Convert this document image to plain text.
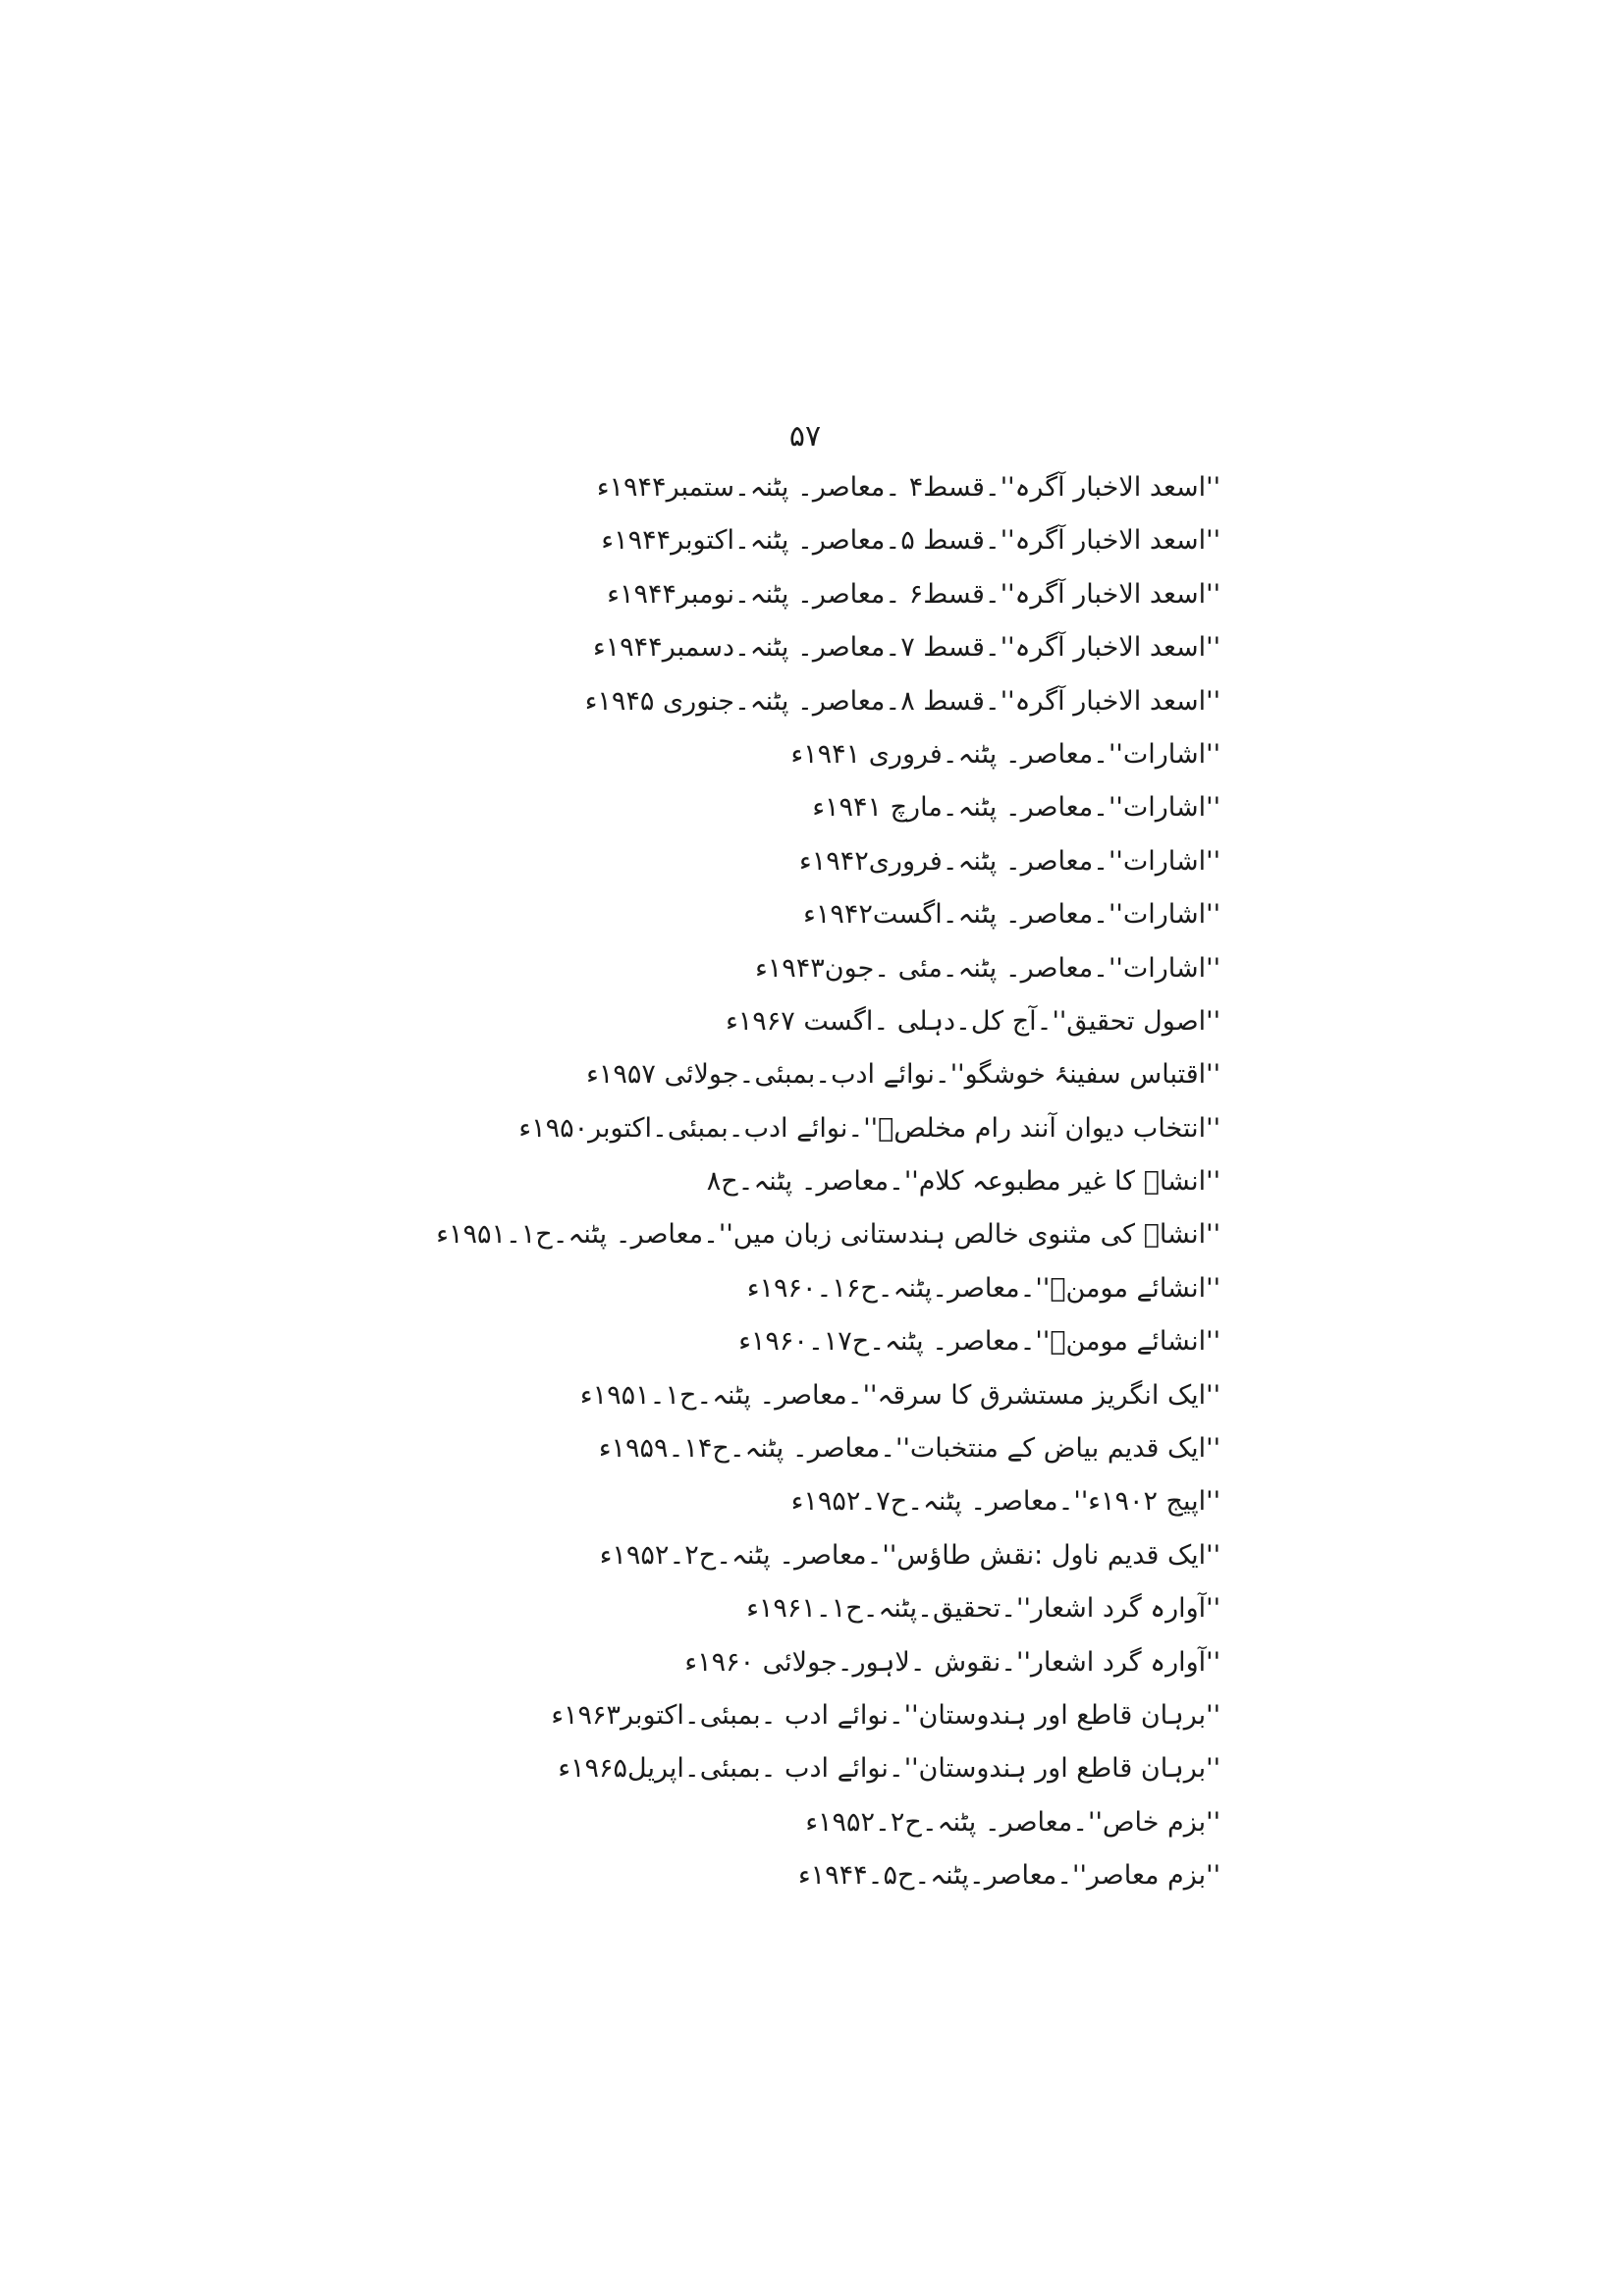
۵۷
''اسعد الاخبار آگرہ''۔قسط۴ ۔معاصر۔ پٹنہ۔ستمبر۱۹۴۴ء
''اسعد الاخبار آگرہ''۔قسط ۵۔معاصر۔ پٹنہ۔اکتوبر۱۹۴۴ء
''اسعد الاخبار آگرہ''۔قسط۶ ۔معاصر۔ پٹنہ۔نومبر۱۹۴۴ء
''اسعد الاخبار آگرہ''۔قسط ۷۔معاصر۔ پٹنہ۔دسمبر۱۹۴۴ء
''اسعد الاخبار آگرہ''۔قسط ۸۔معاصر۔ پٹنہ۔جنوری ۱۹۴۵ء
''اشارات''۔معاصر۔ پٹنہ۔فروری ۱۹۴۱ء
''اشارات''۔معاصر۔ پٹنہ۔مارچ ۱۹۴۱ء
''اشارات''۔معاصر۔ پٹنہ۔فروری۱۹۴۲ء
''اشارات''۔معاصر۔ پٹنہ۔اگست۱۹۴۲ء
''اشارات''۔معاصر۔ پٹنہ۔مئی ۔جون۱۹۴۳ء
''اصول تحقیق''۔آج کل۔دہلی ۔اگست ۱۹۶۷ء
''اقتباس سفینۂ خوشگو''۔نوائے ادب۔بمبئی۔جولائی ۱۹۵۷ء
''انتخاب دیوان آنند رام مخلصؔ''۔نوائے ادب۔بمبئی۔اکتوبر۱۹۵۰ء
''انشاؔ کا غیر مطبوعہ کلام''۔معاصر۔ پٹنہ۔ح۸
''انشاؔ کی مثنوی خالص ہندستانی زبان میں''۔معاصر۔ پٹنہ۔ح۱۔۱۹۵۱ء
''انشائے مومنؔ''۔معاصر۔پٹنہ۔ح۱۶۔۱۹۶۰ء
''انشائے مومنؔ''۔معاصر۔ پٹنہ۔ح۱۷۔۱۹۶۰ء
''ایک انگریز مستشرق کا سرقہ''۔معاصر۔ پٹنہ۔ح۱۔۱۹۵۱ء
''ایک قدیم بیاض کے منتخبات''۔معاصر۔ پٹنہ۔ح۱۴۔۱۹۵۹ء
''اپیج ۱۹۰۲ء''۔معاصر۔ پٹنہ۔ح۷۔۱۹۵۲ء
''ایک قدیم ناول :نقش طاؤس''۔معاصر۔ پٹنہ۔ح۲۔۱۹۵۲ء
''آوارہ گرد اشعار''۔تحقیق۔پٹنہ۔ح۱۔۱۹۶۱ء
''آوارہ گرد اشعار''۔نقوش ۔لاہور۔جولائی ۱۹۶۰ء
''برہان قاطع اور ہندوستان''۔نوائے ادب ۔بمبئی۔اکتوبر۱۹۶۳ء
''برہان قاطع اور ہندوستان''۔نوائے ادب ۔بمبئی۔اپریل۱۹۶۵ء
''بزم خاص''۔معاصر۔ پٹنہ۔ح۲۔۱۹۵۲ء
''بزم معاصر''۔معاصر۔پٹنہ۔ح۵۔۱۹۴۴ء
